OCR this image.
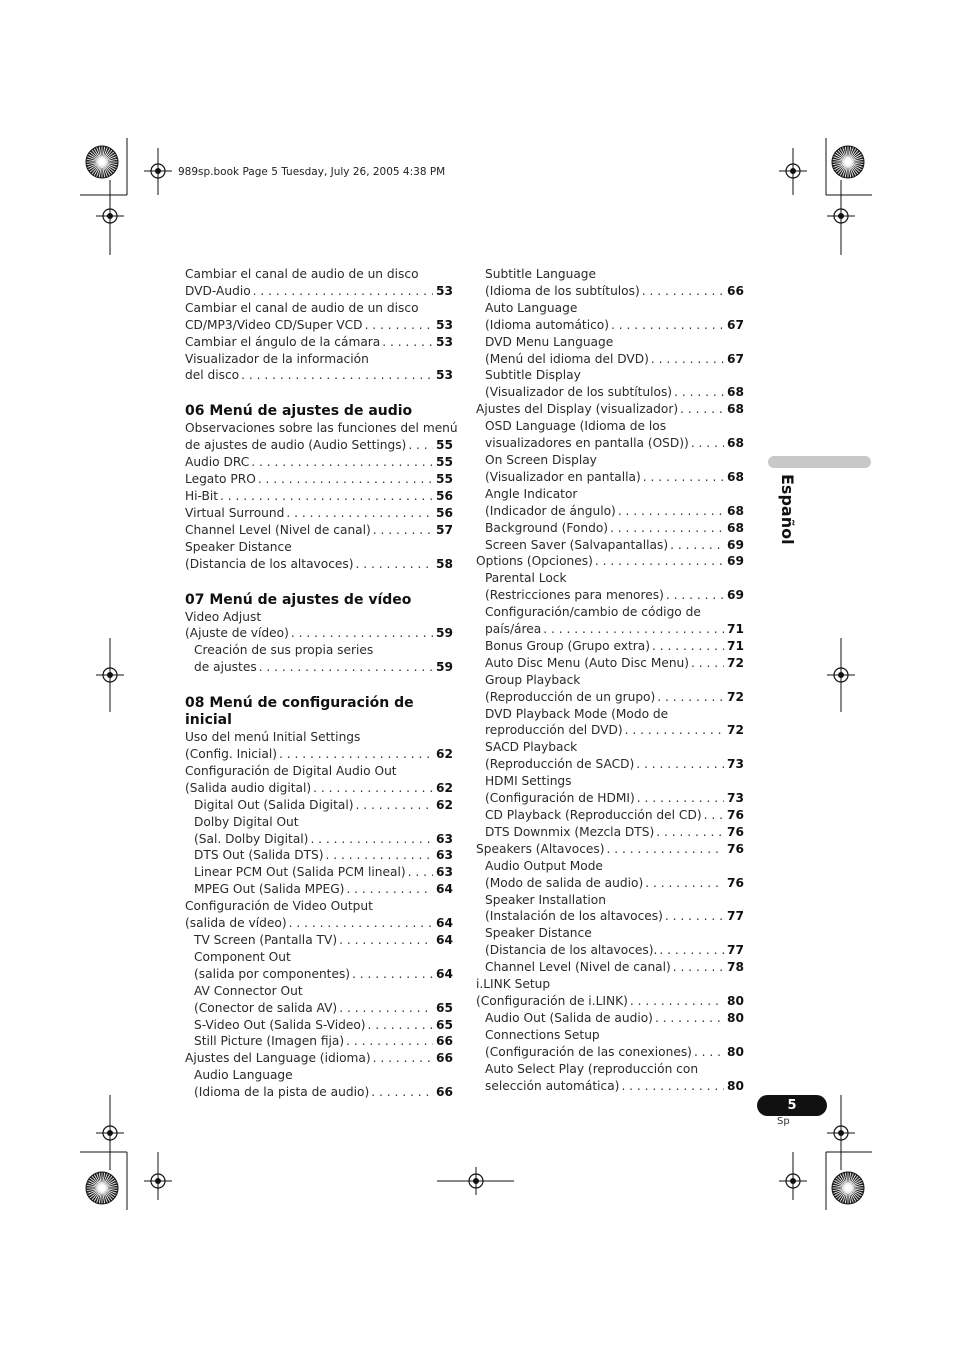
989sp.book Page 5 Tuesday, July 26, 2005 4:38 PM
Cambiar el canal de audio de un disco
DVD-Audio . . .	53
Cambiar el canal de audio de un disco
CD/MP3/Video CD/Super VCD . . .	53
Cambiar el ángulo de la cámara . . .	53
Visualizador de la información
del disco . . .	53
06 Menú de ajustes de audio
Observaciones sobre las funciones del menú
de ajustes de audio (Audio Settings) . . . 55
Audio DRC . . .	55
Legato PRO . . .	55
Hi-Bit . . .	56
Virtual Surround . . .	56
Channel Level (Nivel de canal) . . .	57
Speaker Distance
(Distancia de los altavoces) . . .	58
07 Menú de ajustes de vídeo
Video Adjust
(Ajuste de vídeo) . . .	59
Creación de sus propia series
de ajustes . . .	59
08 Menú de configuración de inicial
Uso del menú Initial Settings
(Config. Inicial) . . .	62
Configuración de Digital Audio Out
(Salida audio digital) . . .	62
Digital Out (Salida Digital) . . .	62
Dolby Digital Out
(Sal. Dolby Digital) . . .	63
DTS Out (Salida DTS) . . .	63
Linear PCM Out (Salida PCM lineal) . . . 63
MPEG Out (Salida MPEG) . . .	64
Configuración de Video Output
(salida de vídeo) . . .	64
TV Screen (Pantalla TV) . . .	64
Component Out
(salida por componentes) . . .	64
AV Connector Out
(Conector de salida AV) . . .	65
S-Video Out (Salida S-Video) . . .	65
Still Picture (Imagen fija) . . .	66
Ajustes del Language (idioma) . . .	66
Audio Language
(Idioma de la pista de audio) . . .	66
Subtitle Language
(Idioma de los subtítulos) . . .	66
Auto Language
(Idioma automático) . . .	67
DVD Menu Language
(Menú del idioma del DVD) . . .	67
Subtitle Display
(Visualizador de los subtítulos) . . .	68
Ajustes del Display (visualizador) . . .	68
OSD Language (Idioma de los
visualizadores en pantalla (OSD)) . . .	68
On Screen Display
(Visualizador en pantalla) . . .	68
Angle Indicator
(Indicador de ángulo) . . .	68
Background (Fondo) . . .	68
Screen Saver (Salvapantallas) . . .	69
Options (Opciones) . . .	69
Parental Lock
(Restricciones para menores) . . .	69
Configuración/cambio de código de
país/área . . .	71
Bonus Group (Grupo extra) . . .	71
Auto Disc Menu (Auto Disc Menu) . . .	72
Group Playback
(Reproducción de un grupo) . . .	72
DVD Playback Mode (Modo de
reproducción del DVD) . . .	72
SACD Playback
(Reproducción de SACD) . . .	73
HDMI Settings
(Configuración de HDMI) . . .	73
CD Playback (Reproducción del CD) . . . 76
DTS Downmix (Mezcla DTS) . . .	76
Speakers (Altavoces) . . .	76
Audio Output Mode
(Modo de salida de audio) . . .	76
Speaker Installation
(Instalación de los altavoces) . . .	77
Speaker Distance
(Distancia de los altavoces). . . .	77
Channel Level (Nivel de canal) . . .	78
i.LINK Setup
(Configuración de i.LINK) . . .	80
Audio Out (Salida de audio) . . .	80
Connections Setup
(Configuración de las conexiones) . . .	80
Auto Select Play (reproducción con
selección automática) . . .	80
Español
5
Sp
